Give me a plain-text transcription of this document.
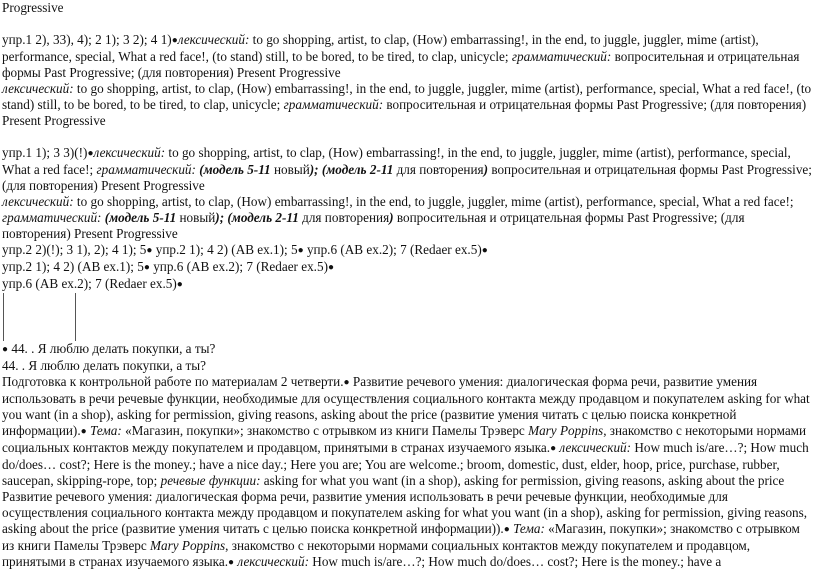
Progressive

упр.1 2), 33), 4); 2 1); 3 2); 4 1)●лексический: to go shopping, artist, to clap, (How) embarrassing!, in the end, to juggle, juggler, mime (artist), performance, special, What a red face!, (to stand) still, to be bored, to be tired, to clap, unicycle; грамматический: вопросительная и отрицательная формы Past Progressive; (для повторения) Present Progressive

лексический: to go shopping, artist, to clap, (How) embarrassing!, in the end, to juggle, juggler, mime (artist), performance, special, What a red face!, (to stand) still, to be bored, to be tired, to clap, unicycle; грамматический: вопросительная и отрицательная формы Past Progressive; (для повторения) Present Progressive

упр.1 1); 3 3)(!)●лексический: to go shopping, artist, to clap, (How) embarrassing!, in the end, to juggle, juggler, mime (artist), performance, special, What a red face!; грамматический: (модель 5-11 новый); (модель 2-11 для повторения) вопросительная и отрицательная формы Past Progressive; (для повторения) Present Progressive

лексический: to go shopping, artist, to clap, (How) embarrassing!, in the end, to juggle, juggler, mime (artist), performance, special, What a red face!; грамматический: (модель 5-11 новый); (модель 2-11 для повторения) вопросительная и отрицательная формы Past Progressive; (для повторения) Present Progressive

упр.2 2)(!); 3 1), 2); 4 1); 5● упр.2 1); 4 2) (AB ex.1); 5● упр.6 (AB ex.2); 7 (Redaer ex.5)●

упр.2 1); 4 2) (AB ex.1); 5● упр.6 (AB ex.2); 7 (Redaer ex.5)●

упр.6 (AB ex.2); 7 (Redaer ex.5)●

● 44. . Я люблю делать покупки, а ты?

44. . Я люблю делать покупки, а ты?

Подготовка к контрольной работе по материалам 2 четверти.● Развитие речевого умения: диалогическая форма речи, развитие умения использовать в речи речевые функции, необходимые для осуществления социального контакта между продавцом и покупателем asking for what you want (in a shop), asking for permission, giving reasons, asking about the price (развитие умения читать с целью поиска конкретной информации).● Тема: «Магазин, покупки»; знакомство с отрывком из книги Памелы Трэверс Mary Poppins, знакомство с некоторыми нормами социальных контактов между покупателем и продавцом, принятыми в странах изучаемого языка.● лексический: How much is/are…?; How much do/does… cost?; Here is the money.; have a nice day.; Here you are; You are welcome.; broom, domestic, dust, elder, hoop, price, purchase, rubber, saucepan, skipping-rope, top; речевые функции: asking for what you want (in a shop), asking for permission, giving reasons, asking about the price

Развитие речевого умения: диалогическая форма речи, развитие умения использовать в речи речевые функции, необходимые для осуществления социального контакта между продавцом и покупателем asking for what you want (in a shop), asking for permission, giving reasons, asking about the price (развитие умения читать с целью поиска конкретной информации)).● Тема: «Магазин, покупки»; знакомство с отрывком из книги Памелы Трэверс Mary Poppins, знакомство с некоторыми нормами социальных контактов между покупателем и продавцом, принятыми в странах изучаемого языка.● лексический: How much is/are…?; How much do/does… cost?; Here is the money.; have a
